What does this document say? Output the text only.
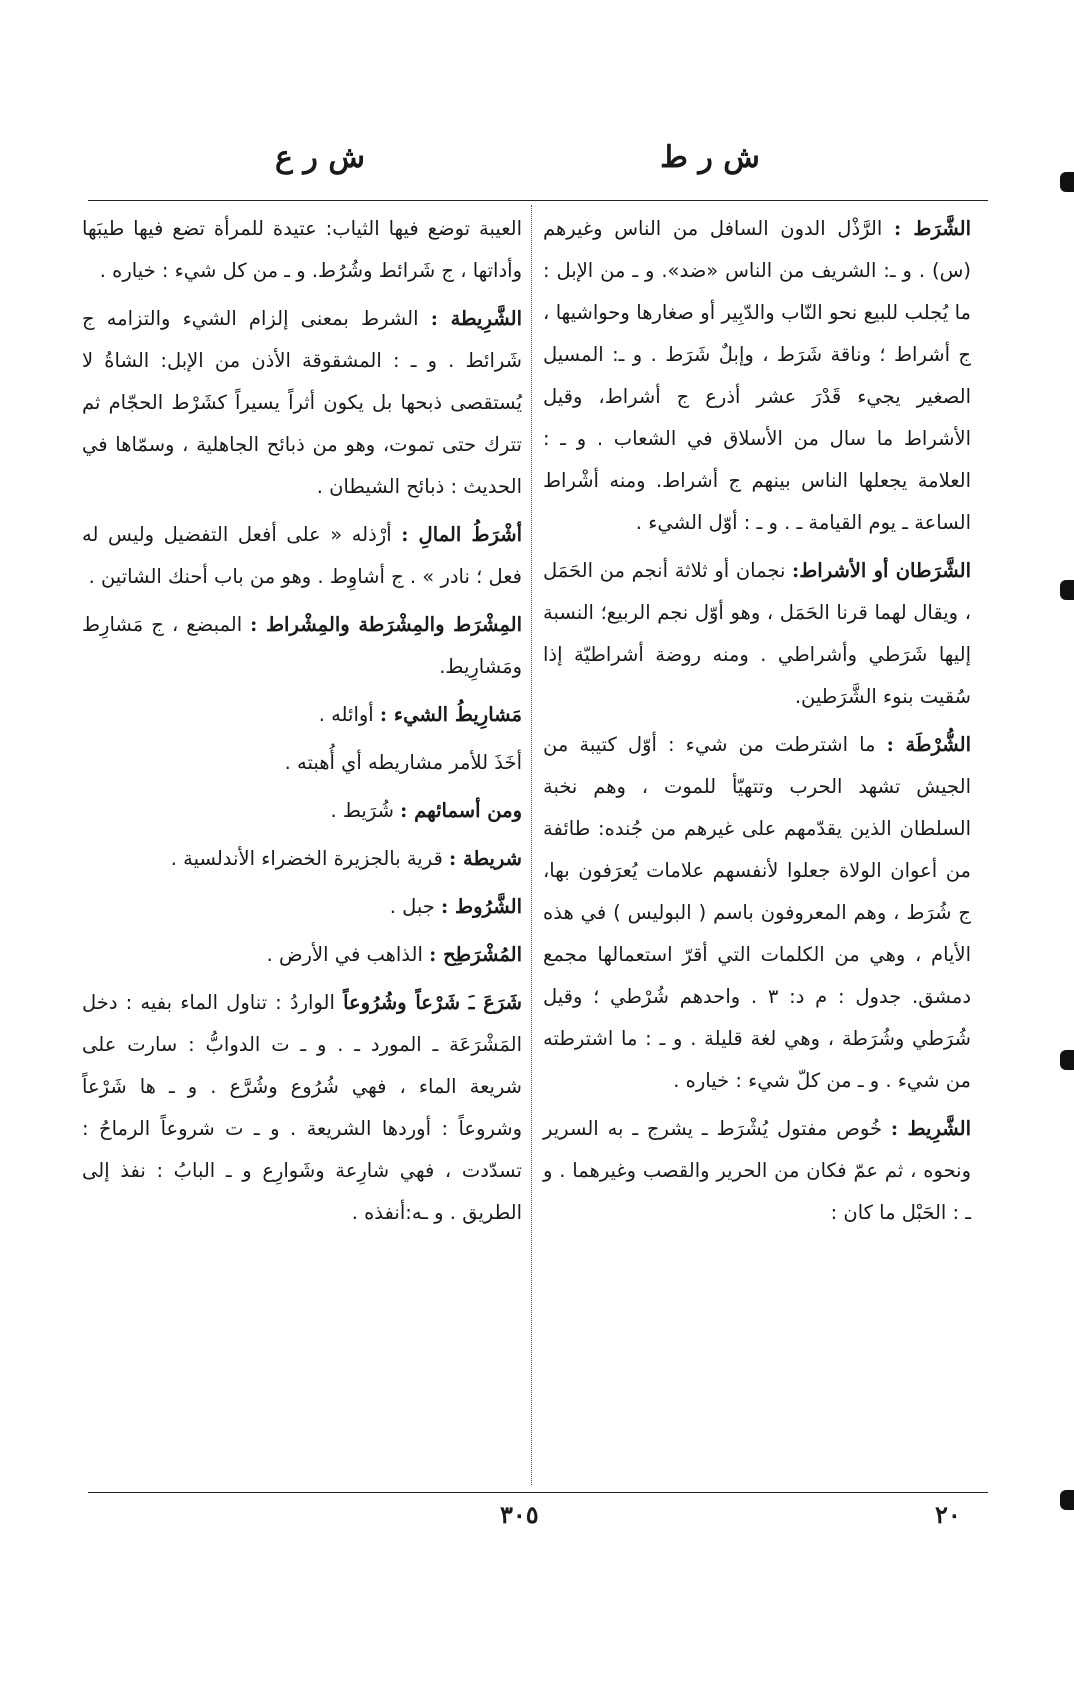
ش ر ط
ش ر ع

الشَّرَط : الرَّذْل الدون السافل من الناس وغيرهم (س) . و ـ: الشريف من الناس «ضد». و ـ من الإبل : ما يُجلب للبيع نحو النّاب والدّبِير أو صغارها وحواشيها ، ج أشراط ؛ وناقة شَرَط ، وإبلٌ شَرَط . و ـ: المسيل الصغير يجيء قَدْرَ عشر أذرع ج أشراط، وقيل الأشراط ما سال من الأسلاق في الشعاب . و ـ : العلامة يجعلها الناس بينهم ج أشراط. ومنه أشْراط الساعة ـ يوم القيامة ـ . و ـ : أوّل الشيء .

الشَّرَطان أو الأشراط: نجمان أو ثلاثة أنجم من الحَمَل ، ويقال لهما قرنا الحَمَل ، وهو أوّل نجم الربيع؛ النسبة إليها شَرَطي وأشراطي . ومنه روضة أشراطيّة إذا سُقيت بنوء الشَّرَطين.

الشُّرْطَة : ما اشترطت من شيء : أوّل كتيبة من الجيش تشهد الحرب وتتهيّأ للموت ، وهم نخبة السلطان الذين يقدّمهم على غيرهم من جُنده: طائفة من أعوان الولاة جعلوا لأنفسهم علامات يُعرَفون بها، ج شُرَط ، وهم المعروفون باسم ( البوليس ) في هذه الأيام ، وهي من الكلمات التي أقرّ استعمالها مجمع دمشق. جدول : م د: ٣ . واحدهم شُرْطي ؛ وقيل شُرَطي وشُرَطة ، وهي لغة قليلة . و ـ : ما اشترطته من شيء . و ـ من كلّ شيء : خياره .

الشَّرِيط : خُوص مفتول يُشْرَط ـ يشرج ـ به السرير ونحوه ، ثم عمّ فكان من الحرير والقصب وغيرهما . و ـ : الحَبْل ما كان :

العيبة توضع فيها الثياب: عتيدة للمرأة تضع فيها طيبَها وأداتها ، ج شَرائط وشُرُط. و ـ من كل شيء : خياره .

الشَّرِيطة : الشرط بمعنى إلزام الشيء والتزامه ج شَرائط . و ـ : المشقوقة الأذن من الإبل: الشاةُ لا يُستقصى ذبحها بل يكون أثراً يسيراً كشَرْط الحجّام ثم تترك حتى تموت، وهو من ذبائح الجاهلية ، وسمّاها في الحديث : ذبائح الشيطان .

أشْرَطُ المالِ : أرْذله « على أفعل التفضيل وليس له فعل ؛ نادر » . ج أشاوِط . وهو من باب أحنك الشاتين .

المِشْرَط والمِشْرَطة والمِشْراط : المبضع ، ج مَشارِط ومَشارِيط.

مَشارِيطُ الشيء : أوائله .

أخَذَ للأمر مشاريطه أي أُهبته .

ومن أسمائهم : شُرَيط .

شريطة : قرية بالجزيرة الخضراء الأندلسية .

الشَّرُوط : جبل .

المُشْرَطِح : الذاهب في الأرض .

شَرَعَ ـَ شَرْعاً وشُرُوعاً الواردُ : تناول الماء بفيه : دخل المَشْرَعَة ـ المورد ـ . و ـ ت الدوابُّ : سارت على شريعة الماء ، فهي شُرُوع وشُرَّع . و ـ ها شَرْعاً وشروعاً : أوردها الشريعة . و ـ ت شروعاً الرماحُ : تسدّدت ، فهي شارِعة وشَوارِع و ـ البابُ : نفذ إلى الطريق . و ـه:أنفذه .

٢٠
٣٠٥
